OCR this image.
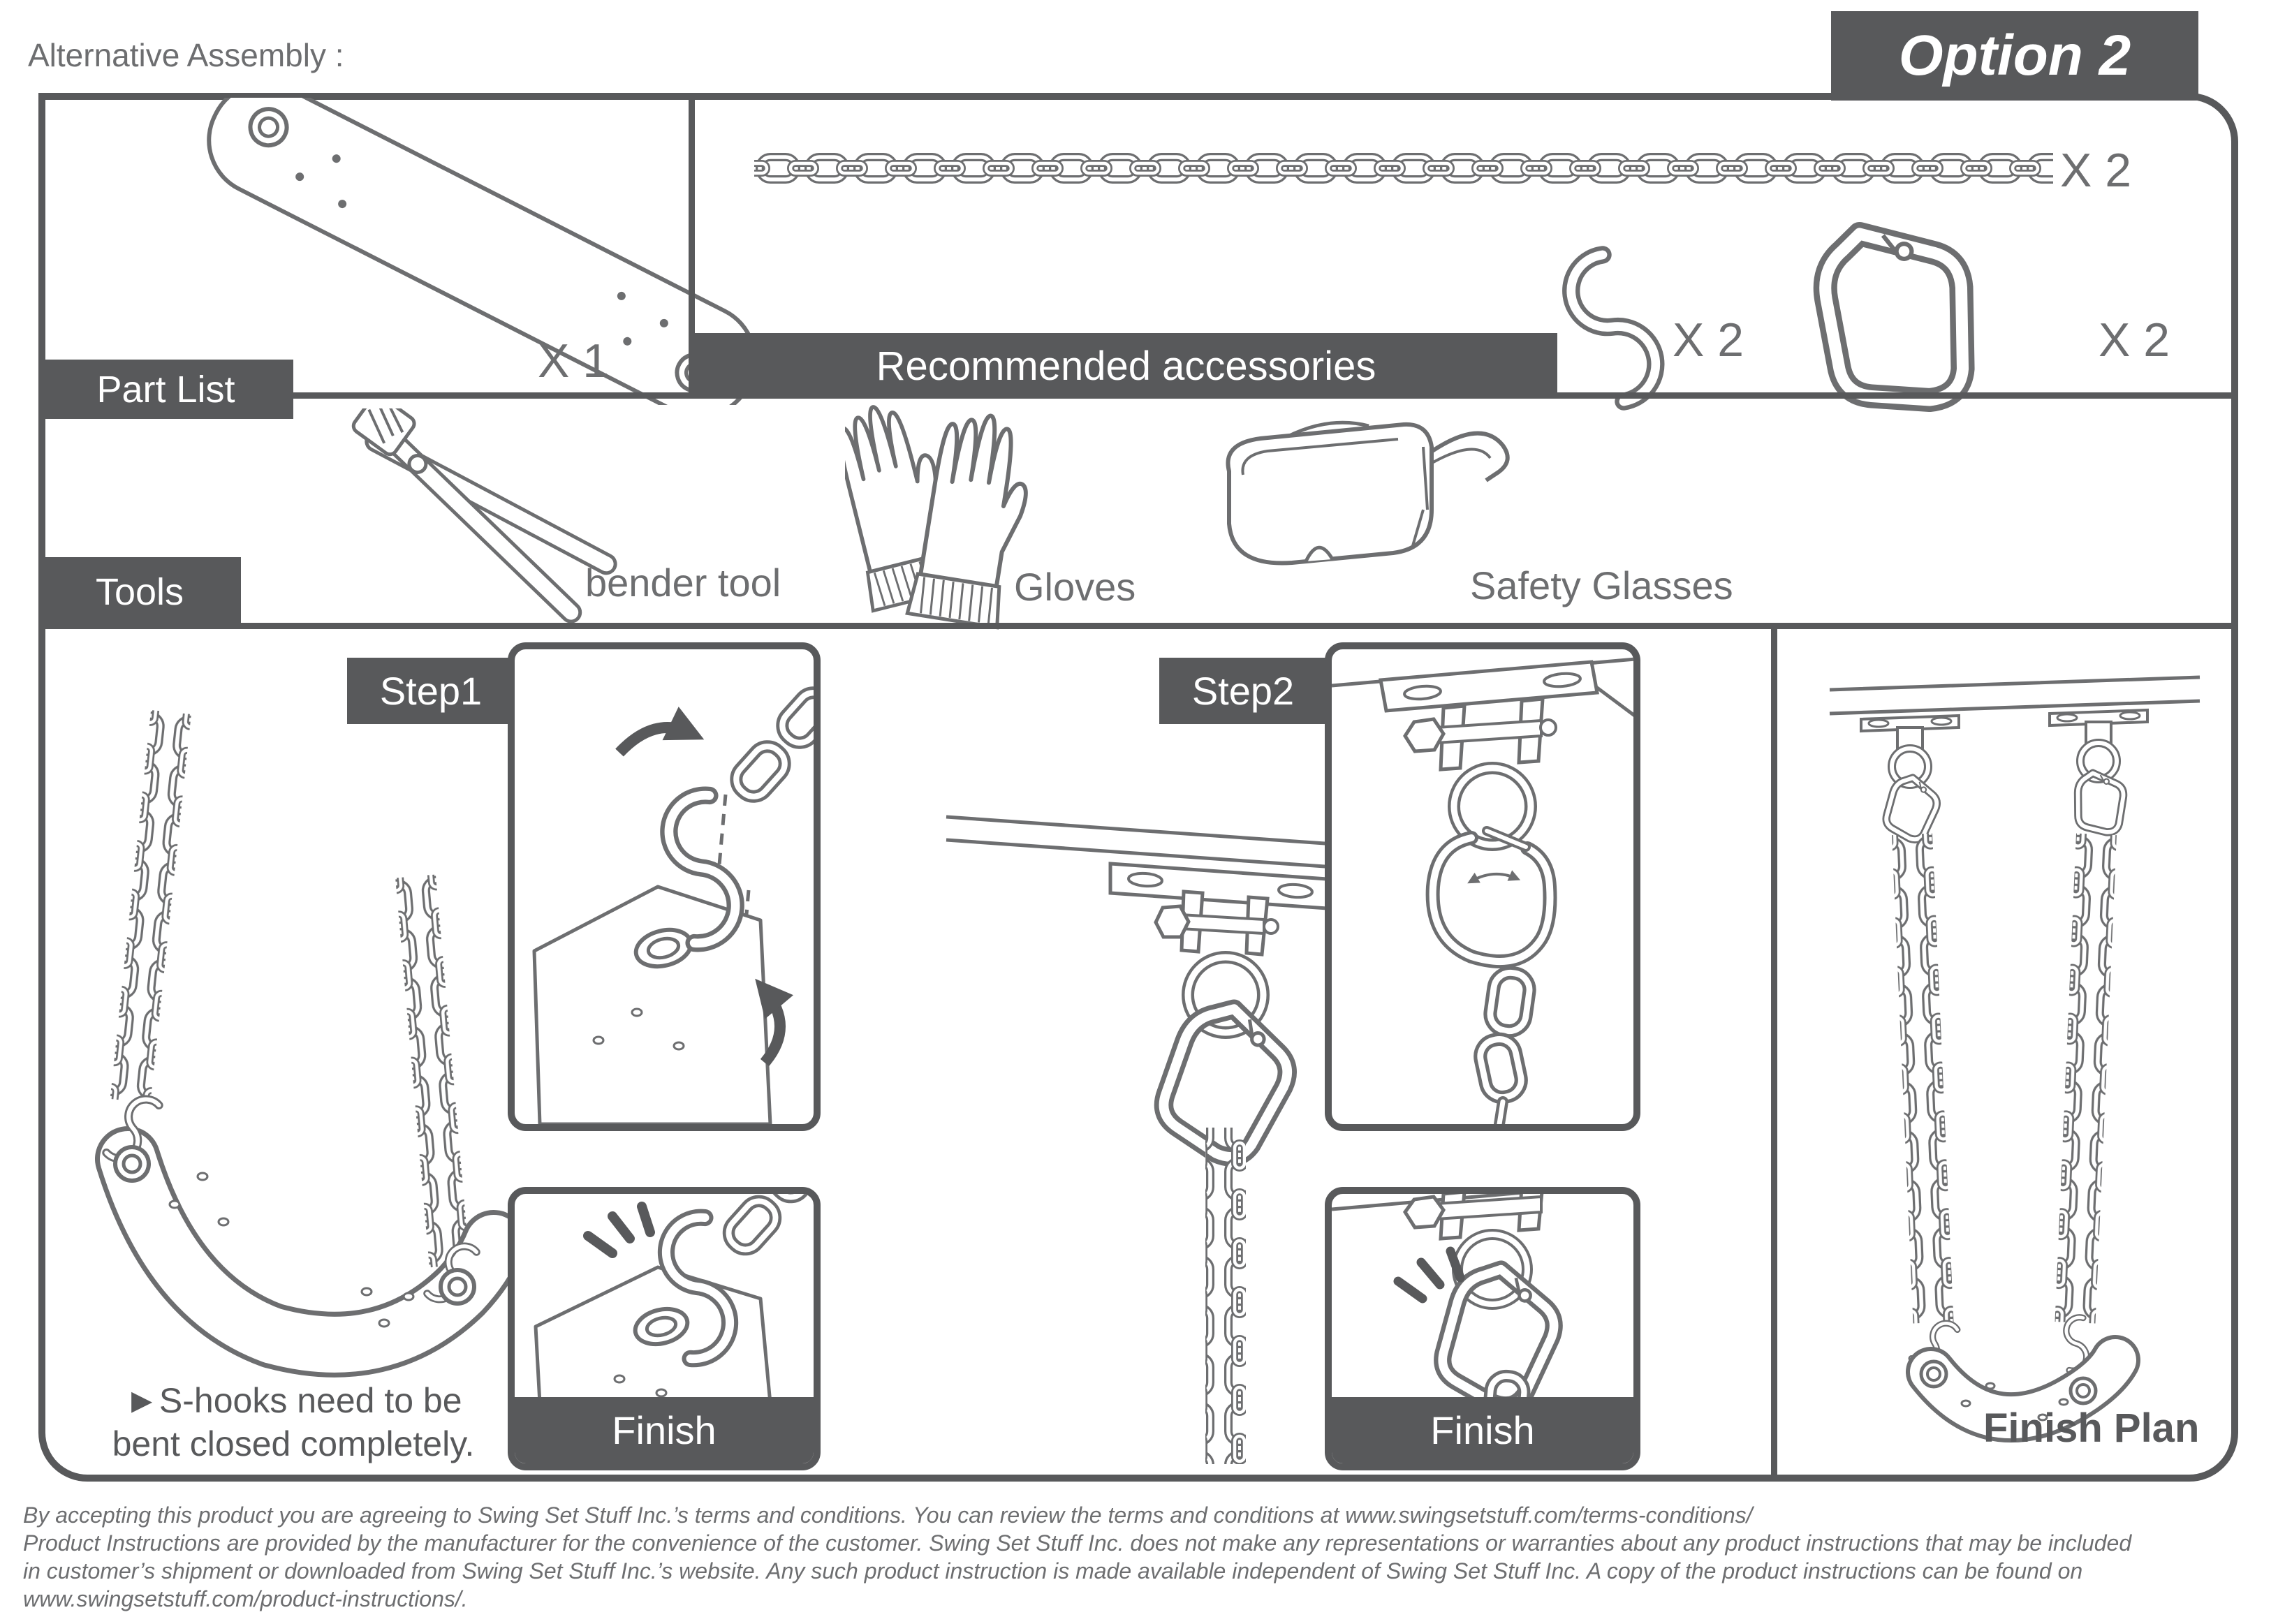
Alternative Assembly :	Option 2
Finish	Finish
Part List
Recommended accessories
Tools
Step1	Step2
X 1
X 2
X 2	X 2
bender tool	Gloves	Safety Glasses
►S-hooks need to be
bent closed completely.	Finish Plan
By accepting this product you are agreeing to Swing Set Stuff Inc.’s terms and conditions. You can review the terms and conditions at www.swingsetstuff.com/terms-conditions/
Product Instructions are provided by the manufacturer for the convenience of the customer. Swing Set Stuff Inc. does not make any representations or warranties about any product instructions that may be included
in customer’s shipment or downloaded from Swing Set Stuff Inc.’s website. Any such product instruction is made available independent of Swing Set Stuff Inc. A copy of the product instructions can be found on
www.swingsetstuff.com/product-instructions/.
